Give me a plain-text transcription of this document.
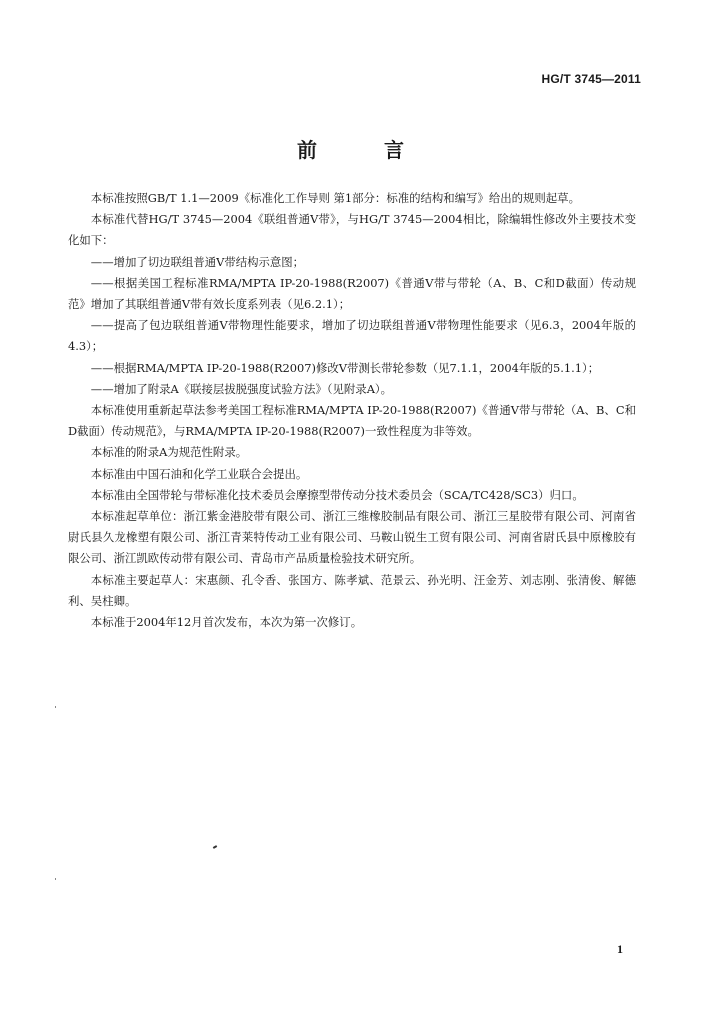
HG/T 3745—2011
前 言

本标准按照GB/T 1.1—2009《标准化工作导则 第1部分：标准的结构和编写》给出的规则起草。

本标准代替HG/T 3745—2004《联组普通V带》，与HG/T 3745—2004相比，除编辑性修改外主要技术变化如下：

——增加了切边联组普通V带结构示意图；

——根据美国工程标准RMA/MPTA IP-20-1988(R2007)《普通V带与带轮（A、B、C和D截面）传动规范》增加了其联组普通V带有效长度系列表（见6.2.1）；

——提高了包边联组普通V带物理性能要求，增加了切边联组普通V带物理性能要求（见6.3，2004年版的4.3）；

——根据RMA/MPTA IP-20-1988(R2007)修改V带测长带轮参数（见7.1.1，2004年版的5.1.1）；

——增加了附录A《联接层拔脱强度试验方法》（见附录A）。

本标准使用重新起草法参考美国工程标准RMA/MPTA IP-20-1988(R2007)《普通V带与带轮（A、B、C和D截面）传动规范》，与RMA/MPTA IP-20-1988(R2007)一致性程度为非等效。

本标准的附录A为规范性附录。

本标准由中国石油和化学工业联合会提出。

本标准由全国带轮与带标准化技术委员会摩擦型带传动分技术委员会（SCA/TC428/SC3）归口。

本标准起草单位：浙江紫金港胶带有限公司、浙江三维橡胶制品有限公司、浙江三星胶带有限公司、河南省尉氏县久龙橡塑有限公司、浙江青莱特传动工业有限公司、马鞍山锐生工贸有限公司、河南省尉氏县中原橡胶有限公司、浙江凯欧传动带有限公司、青岛市产品质量检验技术研究所。

本标准主要起草人：宋惠颜、孔令香、张国方、陈孝斌、范景云、孙光明、汪金芳、刘志刚、张清俊、解德利、吴柱卿。

本标准于2004年12月首次发布，本次为第一次修订。

1
